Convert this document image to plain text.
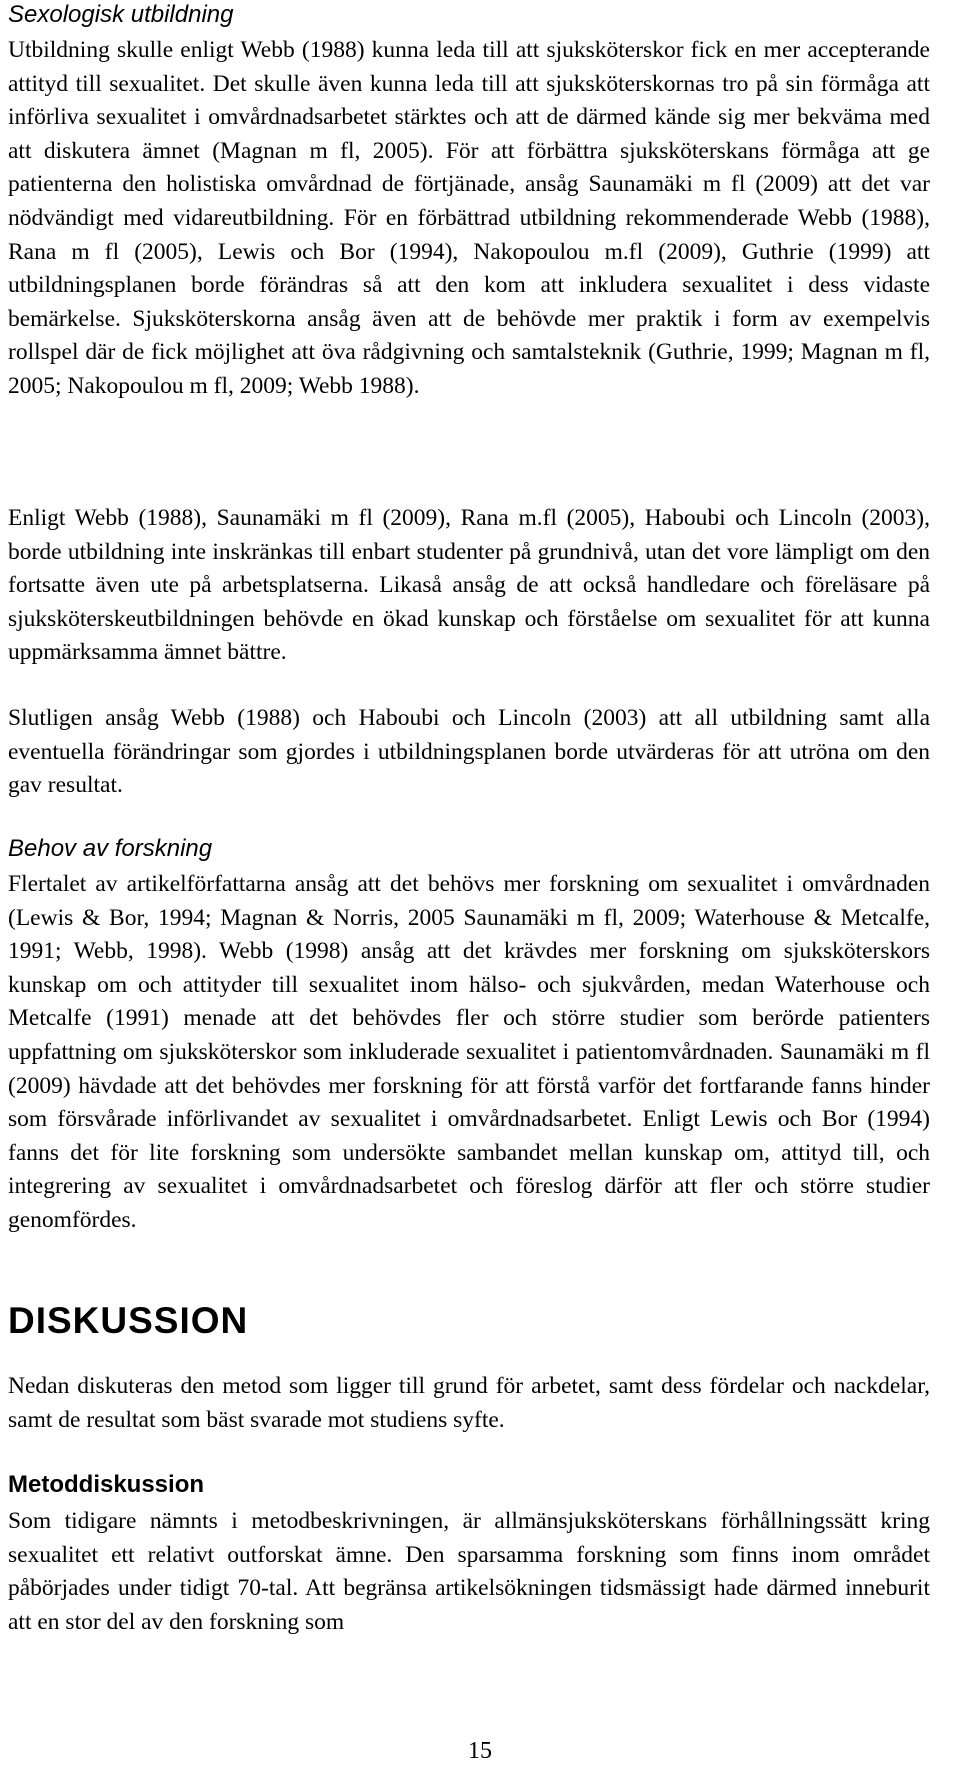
Sexologisk utbildning

Utbildning skulle enligt Webb (1988) kunna leda till att sjuksköterskor fick en mer accepterande attityd till sexualitet. Det skulle även kunna leda till att sjuksköterskornas tro på sin förmåga att införliva sexualitet i omvårdnadsarbetet stärktes och att de därmed kände sig mer bekväma med att diskutera ämnet (Magnan m fl, 2005). För att förbättra sjuksköterskans förmåga att ge patienterna den holistiska omvårdnad de förtjänade, ansåg Saunamäki m fl (2009) att det var nödvändigt med vidareutbildning. För en förbättrad utbildning rekommenderade Webb (1988), Rana m fl (2005), Lewis och Bor (1994), Nakopoulou m.fl (2009), Guthrie (1999) att utbildningsplanen borde förändras så att den kom att inkludera sexualitet i dess vidaste bemärkelse. Sjuksköterskorna ansåg även att de behövde mer praktik i form av exempelvis rollspel där de fick möjlighet att öva rådgivning och samtalsteknik (Guthrie, 1999; Magnan m fl, 2005; Nakopoulou m fl, 2009; Webb 1988).

Enligt Webb (1988), Saunamäki m fl (2009), Rana m.fl (2005), Haboubi och Lincoln (2003), borde utbildning inte inskränkas till enbart studenter på grundnivå, utan det vore lämpligt om den fortsatte även ute på arbetsplatserna. Likaså ansåg de att också handledare och föreläsare på sjuksköterskeutbildningen behövde en ökad kunskap och förståelse om sexualitet för att kunna uppmärksamma ämnet bättre.

Slutligen ansåg Webb (1988) och Haboubi och Lincoln (2003) att all utbildning samt alla eventuella förändringar som gjordes i utbildningsplanen borde utvärderas för att utröna om den gav resultat.

Behov av forskning

Flertalet av artikelförfattarna ansåg att det behövs mer forskning om sexualitet i omvårdnaden (Lewis & Bor, 1994; Magnan & Norris, 2005 Saunamäki m fl, 2009; Waterhouse & Metcalfe, 1991; Webb, 1998). Webb (1998) ansåg att det krävdes mer forskning om sjuksköterskors kunskap om och attityder till sexualitet inom hälso- och sjukvården, medan Waterhouse och Metcalfe (1991) menade att det behövdes fler och större studier som berörde patienters uppfattning om sjuksköterskor som inkluderade sexualitet i patientomvårdnaden. Saunamäki m fl (2009) hävdade att det behövdes mer forskning för att förstå varför det fortfarande fanns hinder som försvårade införlivandet av sexualitet i omvårdnadsarbetet. Enligt Lewis och Bor (1994) fanns det för lite forskning som undersökte sambandet mellan kunskap om, attityd till, och integrering av sexualitet i omvårdnadsarbetet och föreslog därför att fler och större studier genomfördes.

DISKUSSION

Nedan diskuteras den metod som ligger till grund för arbetet, samt dess fördelar och nackdelar, samt de resultat som bäst svarade mot studiens syfte.

Metoddiskussion

Som tidigare nämnts i metodbeskrivningen, är allmänsjuksköterskans förhållningssätt kring sexualitet ett relativt outforskat ämne. Den sparsamma forskning som finns inom området påbörjades under tidigt 70-tal. Att begränsa artikelsökningen tidsmässigt hade därmed inneburit att en stor del av den forskning som

15
